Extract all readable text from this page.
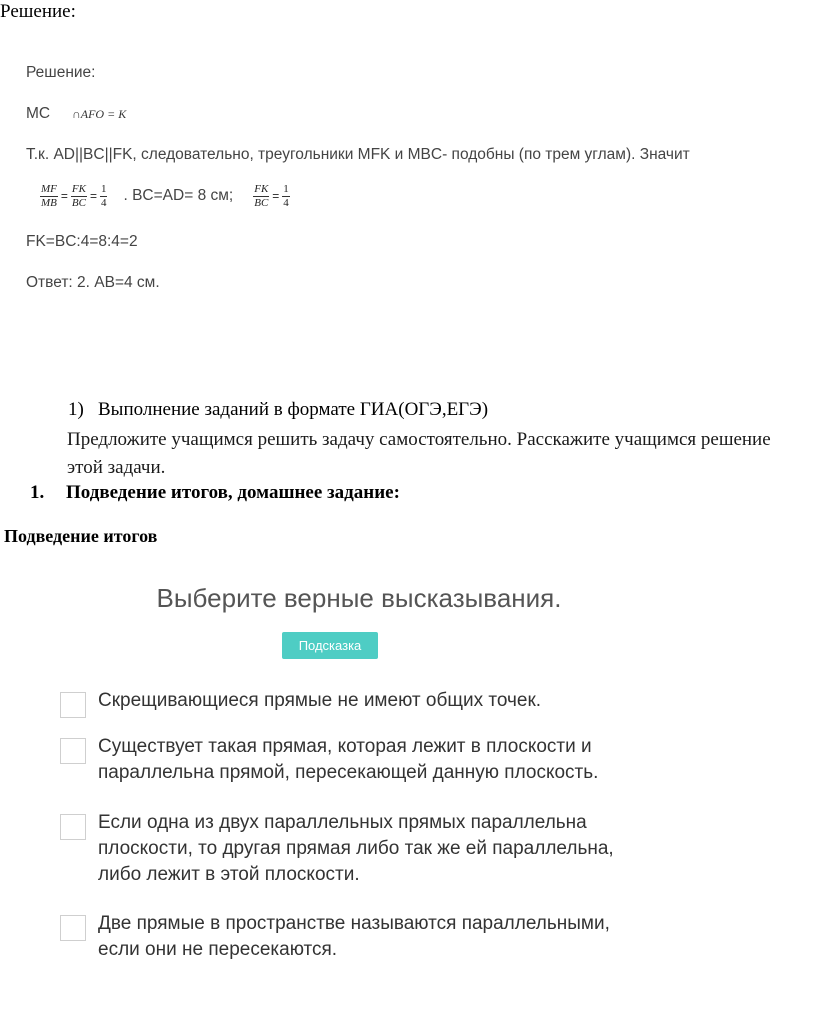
Решение:
Решение:
MC ∩AFO = K
Т.к. AD||BC||FK, следовательно, треугольники MFK и MBC- подобны (по трем углам). Значит
$\frac{MF}{MB} = \frac{FK}{BC} = \frac{1}{4}$ . BC=AD= 8 см; $\frac{FK}{BC} = \frac{1}{4}$
FK=BC:4=8:4=2
Ответ: 2. AB=4 см.
1) Выполнение заданий в формате ГИА(ОГЭ,ЕГЭ)
Предложите учащимся решить задачу самостоятельно. Расскажите учащимся решение этой задачи.
1. Подведение итогов, домашнее задание:
Подведение итогов
Выберите верные высказывания.
Подсказка
Скрещивающиеся прямые не имеют общих точек.
Существует такая прямая, которая лежит в плоскости и параллельна прямой, пересекающей данную плоскость.
Если одна из двух параллельных прямых параллельна плоскости, то другая прямая либо так же ей параллельна, либо лежит в этой плоскости.
Две прямые в пространстве называются параллельными, если они не пересекаются.
